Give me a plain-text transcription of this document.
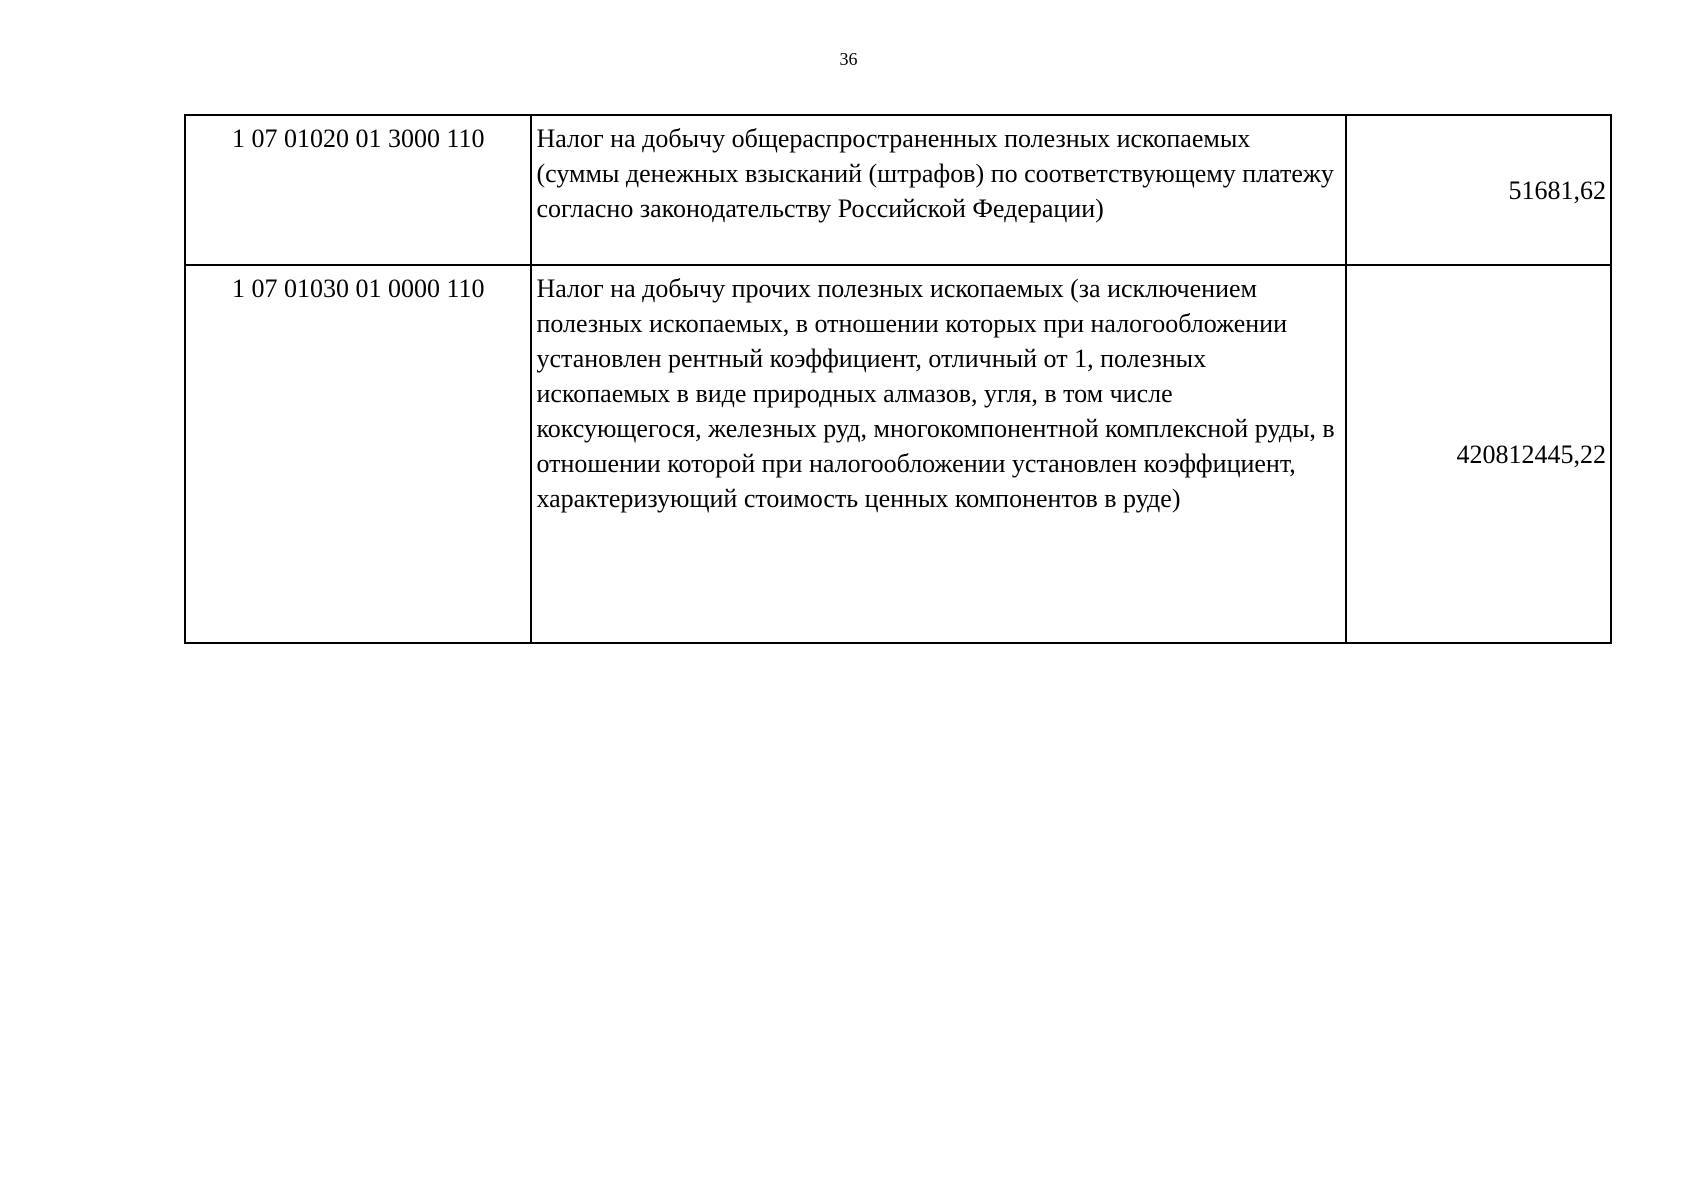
36
1 07 01020 01 3000 110	Налог на добычу общераспространенных полезных ископаемых (суммы денежных взысканий (штрафов) по соответствующему платежу согласно законодательству Российской Федерации)	51681,62
1 07 01030 01 0000 110	Налог на добычу прочих полезных ископаемых (за исключением полезных ископаемых, в отношении которых при налогообложении установлен рентный коэффициент, отличный от 1, полезных ископаемых в виде природных алмазов, угля, в том числе коксующегося, железных руд, многокомпонентной комплексной руды, в отношении которой при налогообложении установлен коэффициент, характеризующий стоимость ценных компонентов в руде)	420812445,22
